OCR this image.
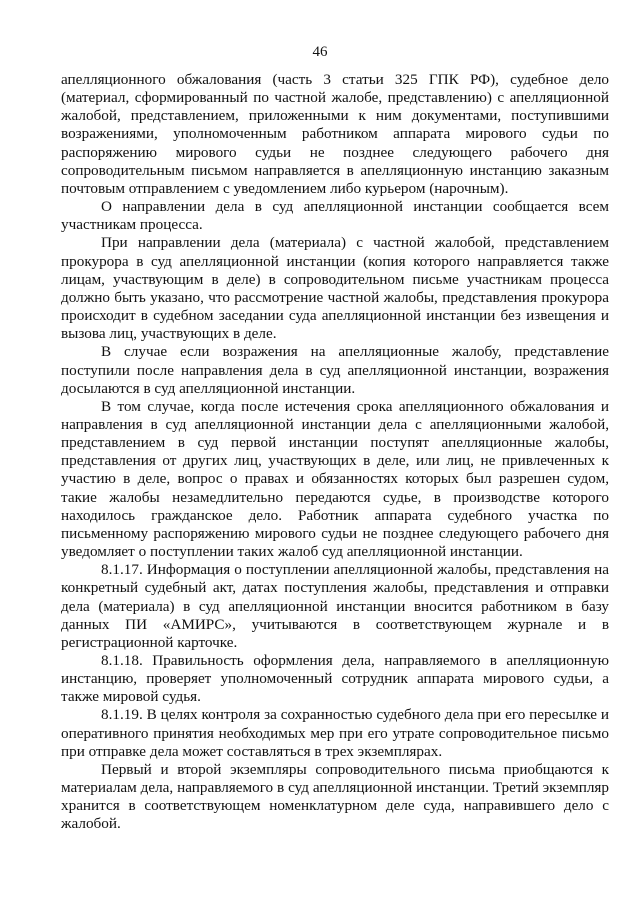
46

апелляционного обжалования (часть 3 статьи 325 ГПК РФ), судебное дело (материал, сформированный по частной жалобе, представлению) с апелляционной жалобой, представлением, приложенными к ним документами, поступившими возражениями, уполномоченным работником аппарата мирового судьи по распоряжению мирового судьи не позднее следующего рабочего дня сопроводительным письмом направляется в апелляционную инстанцию заказным почтовым отправлением с уведомлением либо курьером (нарочным).

О направлении дела в суд апелляционной инстанции сообщается всем участникам процесса.

При направлении дела (материала) с частной жалобой, представлением прокурора в суд апелляционной инстанции (копия которого направляется также лицам, участвующим в деле) в сопроводительном письме участникам процесса должно быть указано, что рассмотрение частной жалобы, представления прокурора происходит в судебном заседании суда апелляционной инстанции без извещения и вызова лиц, участвующих в деле.

В случае если возражения на апелляционные жалобу, представление поступили после направления дела в суд апелляционной инстанции, возражения досылаются в суд апелляционной инстанции.

В том случае, когда после истечения срока апелляционного обжалования и направления в суд апелляционной инстанции дела с апелляционными жалобой, представлением в суд первой инстанции поступят апелляционные жалобы, представления от других лиц, участвующих в деле, или лиц, не привлеченных к участию в деле, вопрос о правах и обязанностях которых был разрешен судом, такие жалобы незамедлительно передаются судье, в производстве которого находилось гражданское дело. Работник аппарата судебного участка по письменному распоряжению мирового судьи не позднее следующего рабочего дня уведомляет о поступлении таких жалоб суд апелляционной инстанции.

8.1.17. Информация о поступлении апелляционной жалобы, представления на конкретный судебный акт, датах поступления жалобы, представления и отправки дела (материала) в суд апелляционной инстанции вносится работником в базу данных ПИ «АМИРС», учитываются в соответствующем журнале и в регистрационной карточке.

8.1.18. Правильность оформления дела, направляемого в апелляционную инстанцию, проверяет уполномоченный сотрудник аппарата мирового судьи, а также мировой судья.

8.1.19. В целях контроля за сохранностью судебного дела при его пересылке и оперативного принятия необходимых мер при его утрате сопроводительное письмо при отправке дела может составляться в трех экземплярах.

Первый и второй экземпляры сопроводительного письма приобщаются к материалам дела, направляемого в суд апелляционной инстанции. Третий экземпляр хранится в соответствующем номенклатурном деле суда, направившего дело с жалобой.
